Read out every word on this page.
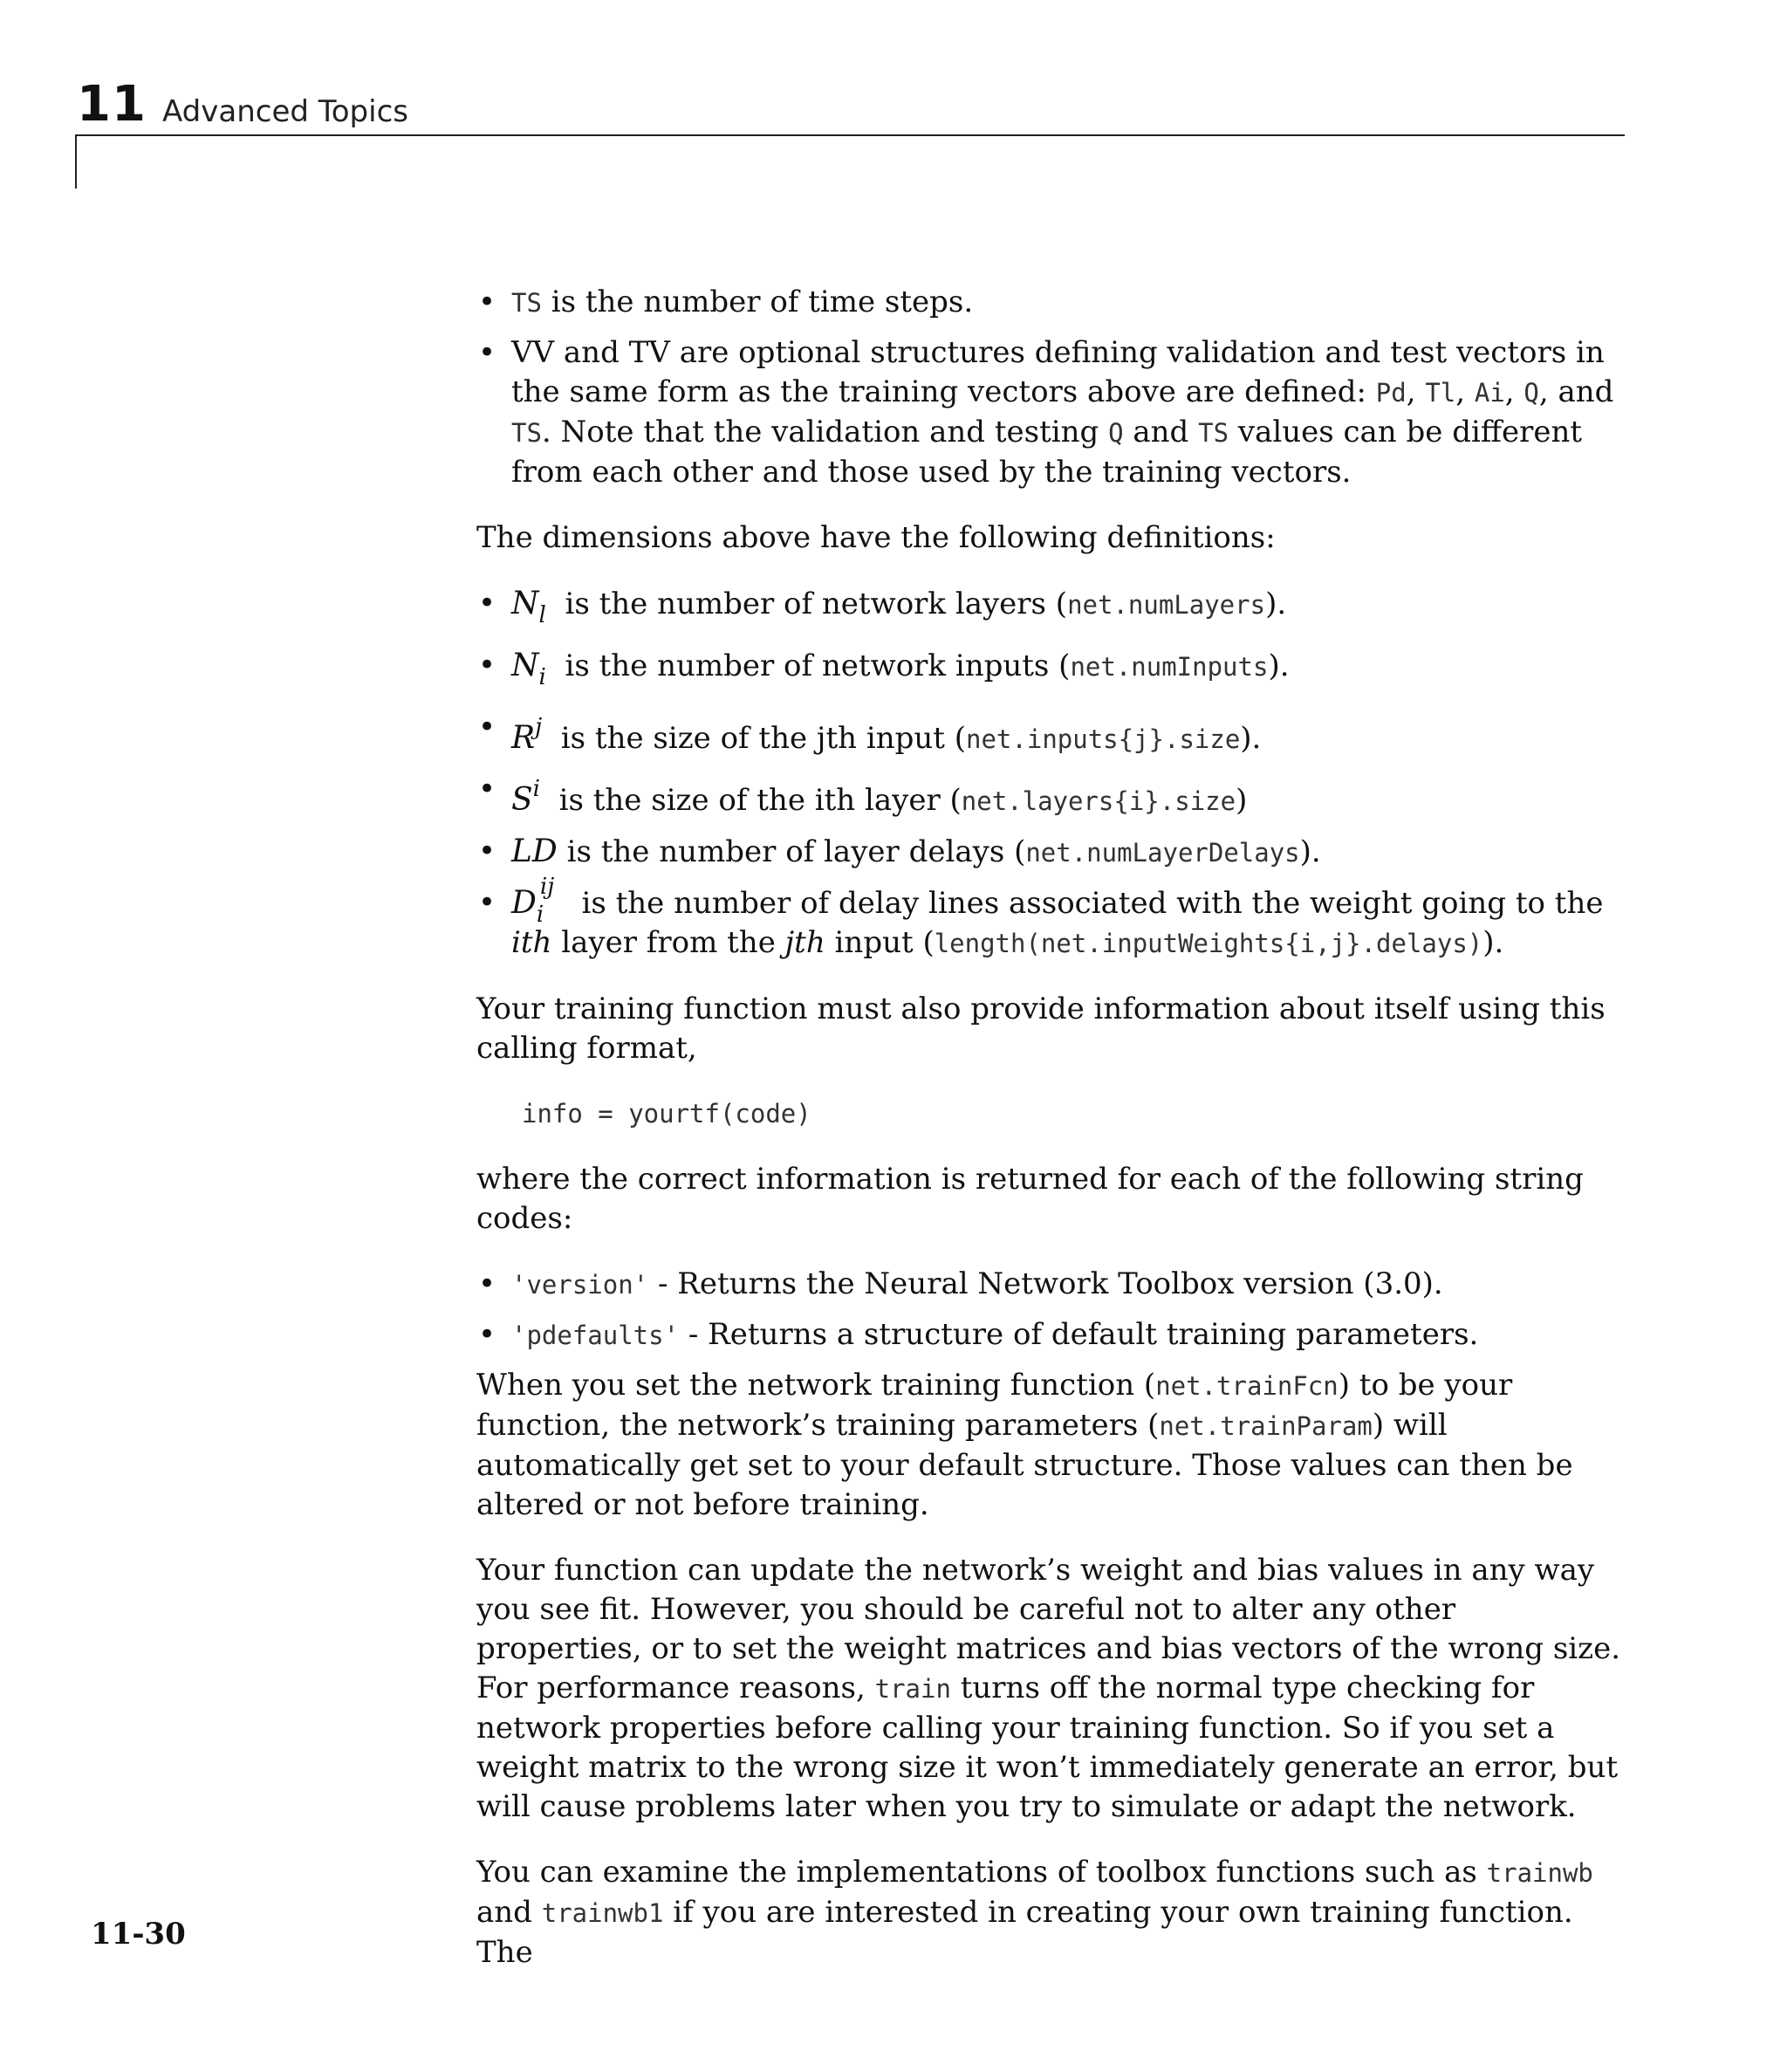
11 Advanced Topics
• TS is the number of time steps.
• VV and TV are optional structures defining validation and test vectors in the same form as the training vectors above are defined: Pd, Tl, Ai, Q, and TS. Note that the validation and testing Q and TS values can be different from each other and those used by the training vectors.

The dimensions above have the following definitions:

• $N_l$  is the number of network layers (net.numLayers).
• $N_i$  is the number of network inputs (net.numInputs).
• $R^j$  is the size of the jth input (net.inputs{j}.size).
• $S^i$  is the size of the ith layer (net.layers{i}.size)
• LD is the number of layer delays (net.numLayerDelays).
• D ij
i is the number of delay lines associated with the weight going to the ith layer from the jth input (length(net.inputWeights{i,j}.delays)).

Your training function must also provide information about itself using this calling format,

info = yourtf(code)

where the correct information is returned for each of the following string codes:

• 'version' - Returns the Neural Network Toolbox version (3.0).
• 'pdefaults' - Returns a structure of default training parameters.

When you set the network training function (net.trainFcn) to be your function, the network’s training parameters (net.trainParam) will automatically get set to your default structure. Those values can then be altered or not before training.

Your function can update the network’s weight and bias values in any way you see fit. However, you should be careful not to alter any other properties, or to set the weight matrices and bias vectors of the wrong size. For performance reasons, train turns off the normal type checking for network properties before calling your training function. So if you set a weight matrix to the wrong size it won’t immediately generate an error, but will cause problems later when you try to simulate or adapt the network.

You can examine the implementations of toolbox functions such as trainwb and trainwb1 if you are interested in creating your own training function. The

11-30
